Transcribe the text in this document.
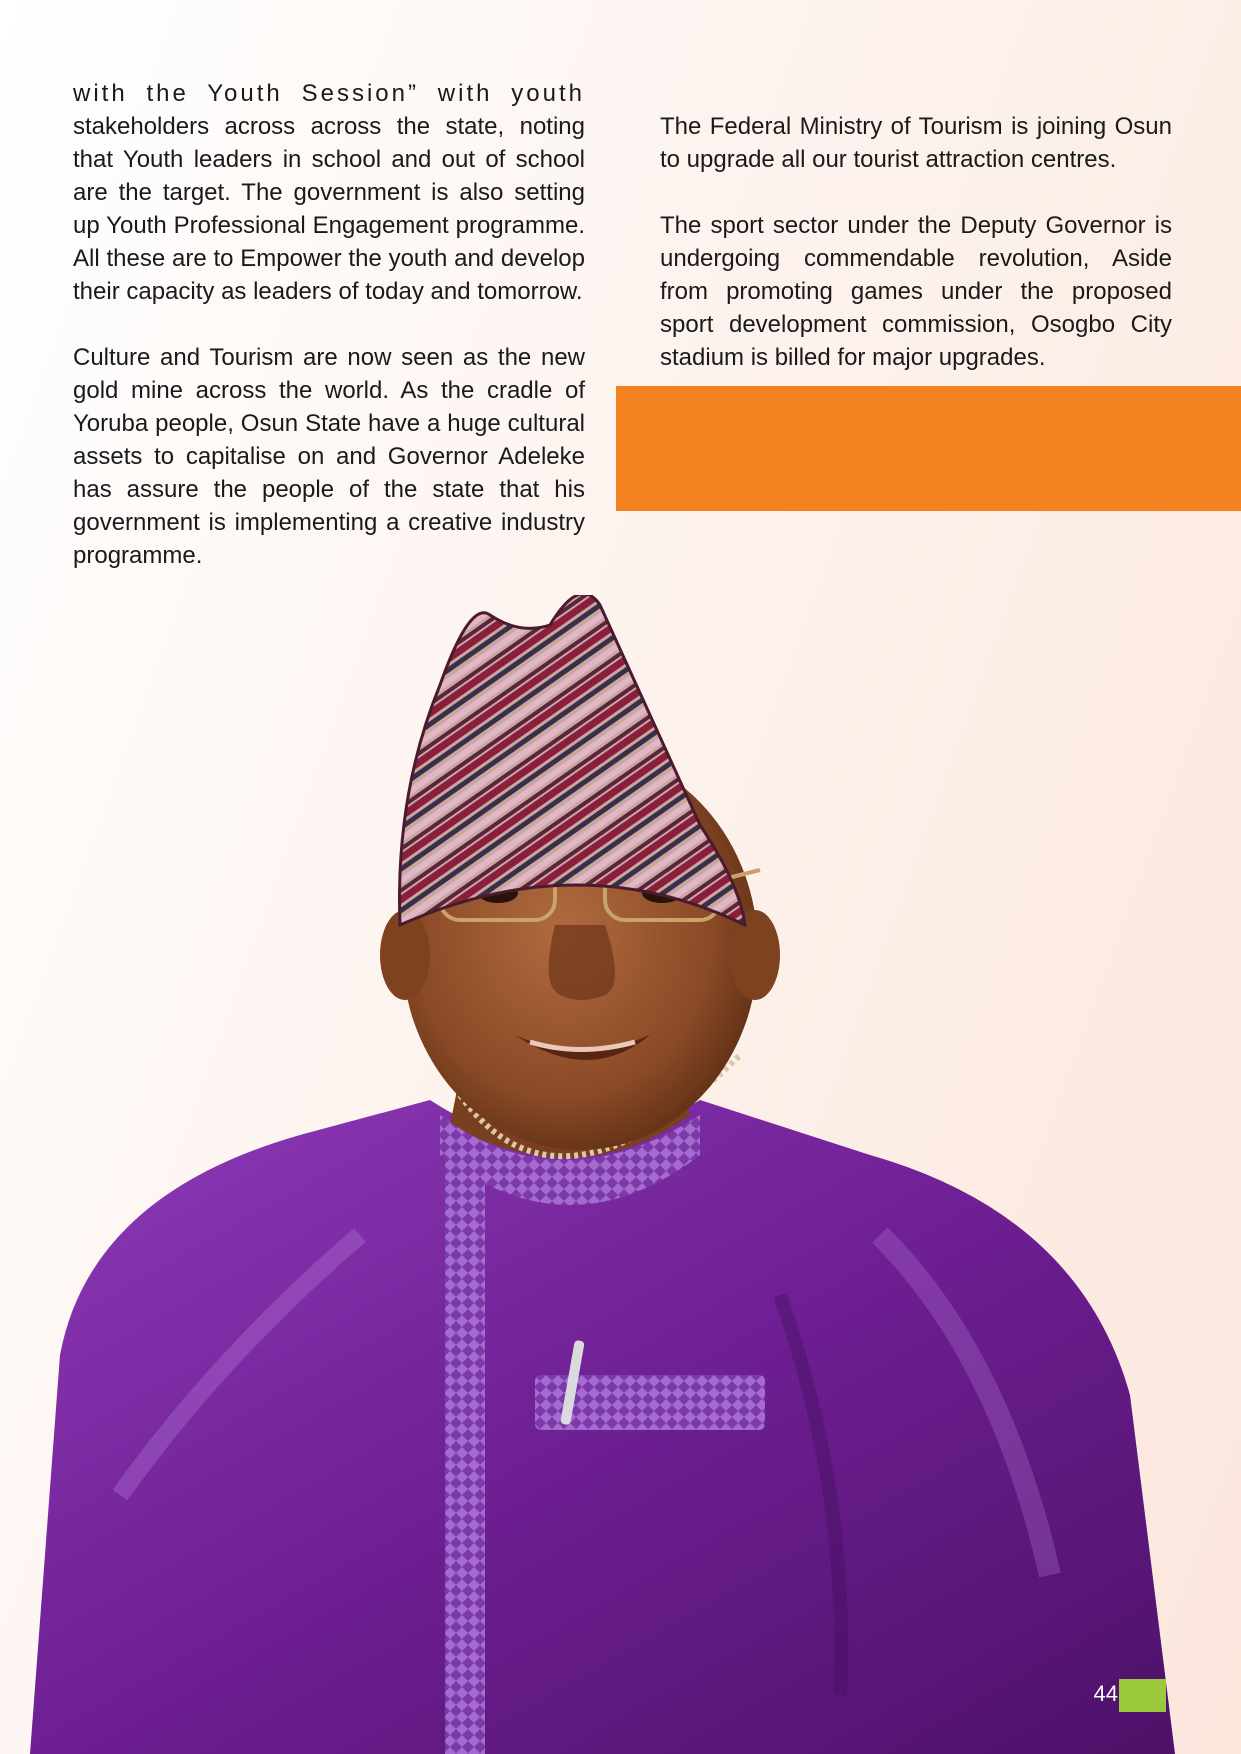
with the Youth Session” with youth stakeholders across across the state, noting that Youth leaders in school and out of school are the target. The government is also setting up Youth Professional Engagement programme. All these are to Empower the youth and develop their capacity as leaders of today and tomorrow.

Culture and Tourism are now seen as the new gold mine across the world. As the cradle of Yoruba people, Osun State have a huge cultural assets to capitalise on and Governor Adeleke has assure the people of the state that his government is implementing a creative industry programme.

The Federal Ministry of Tourism is joining Osun to upgrade all our tourist attraction centres.

The sport sector under the Deputy Governor is undergoing commendable revolution, Aside from promoting games under the proposed sport development commission, Osogbo City stadium is billed for major upgrades.

44
